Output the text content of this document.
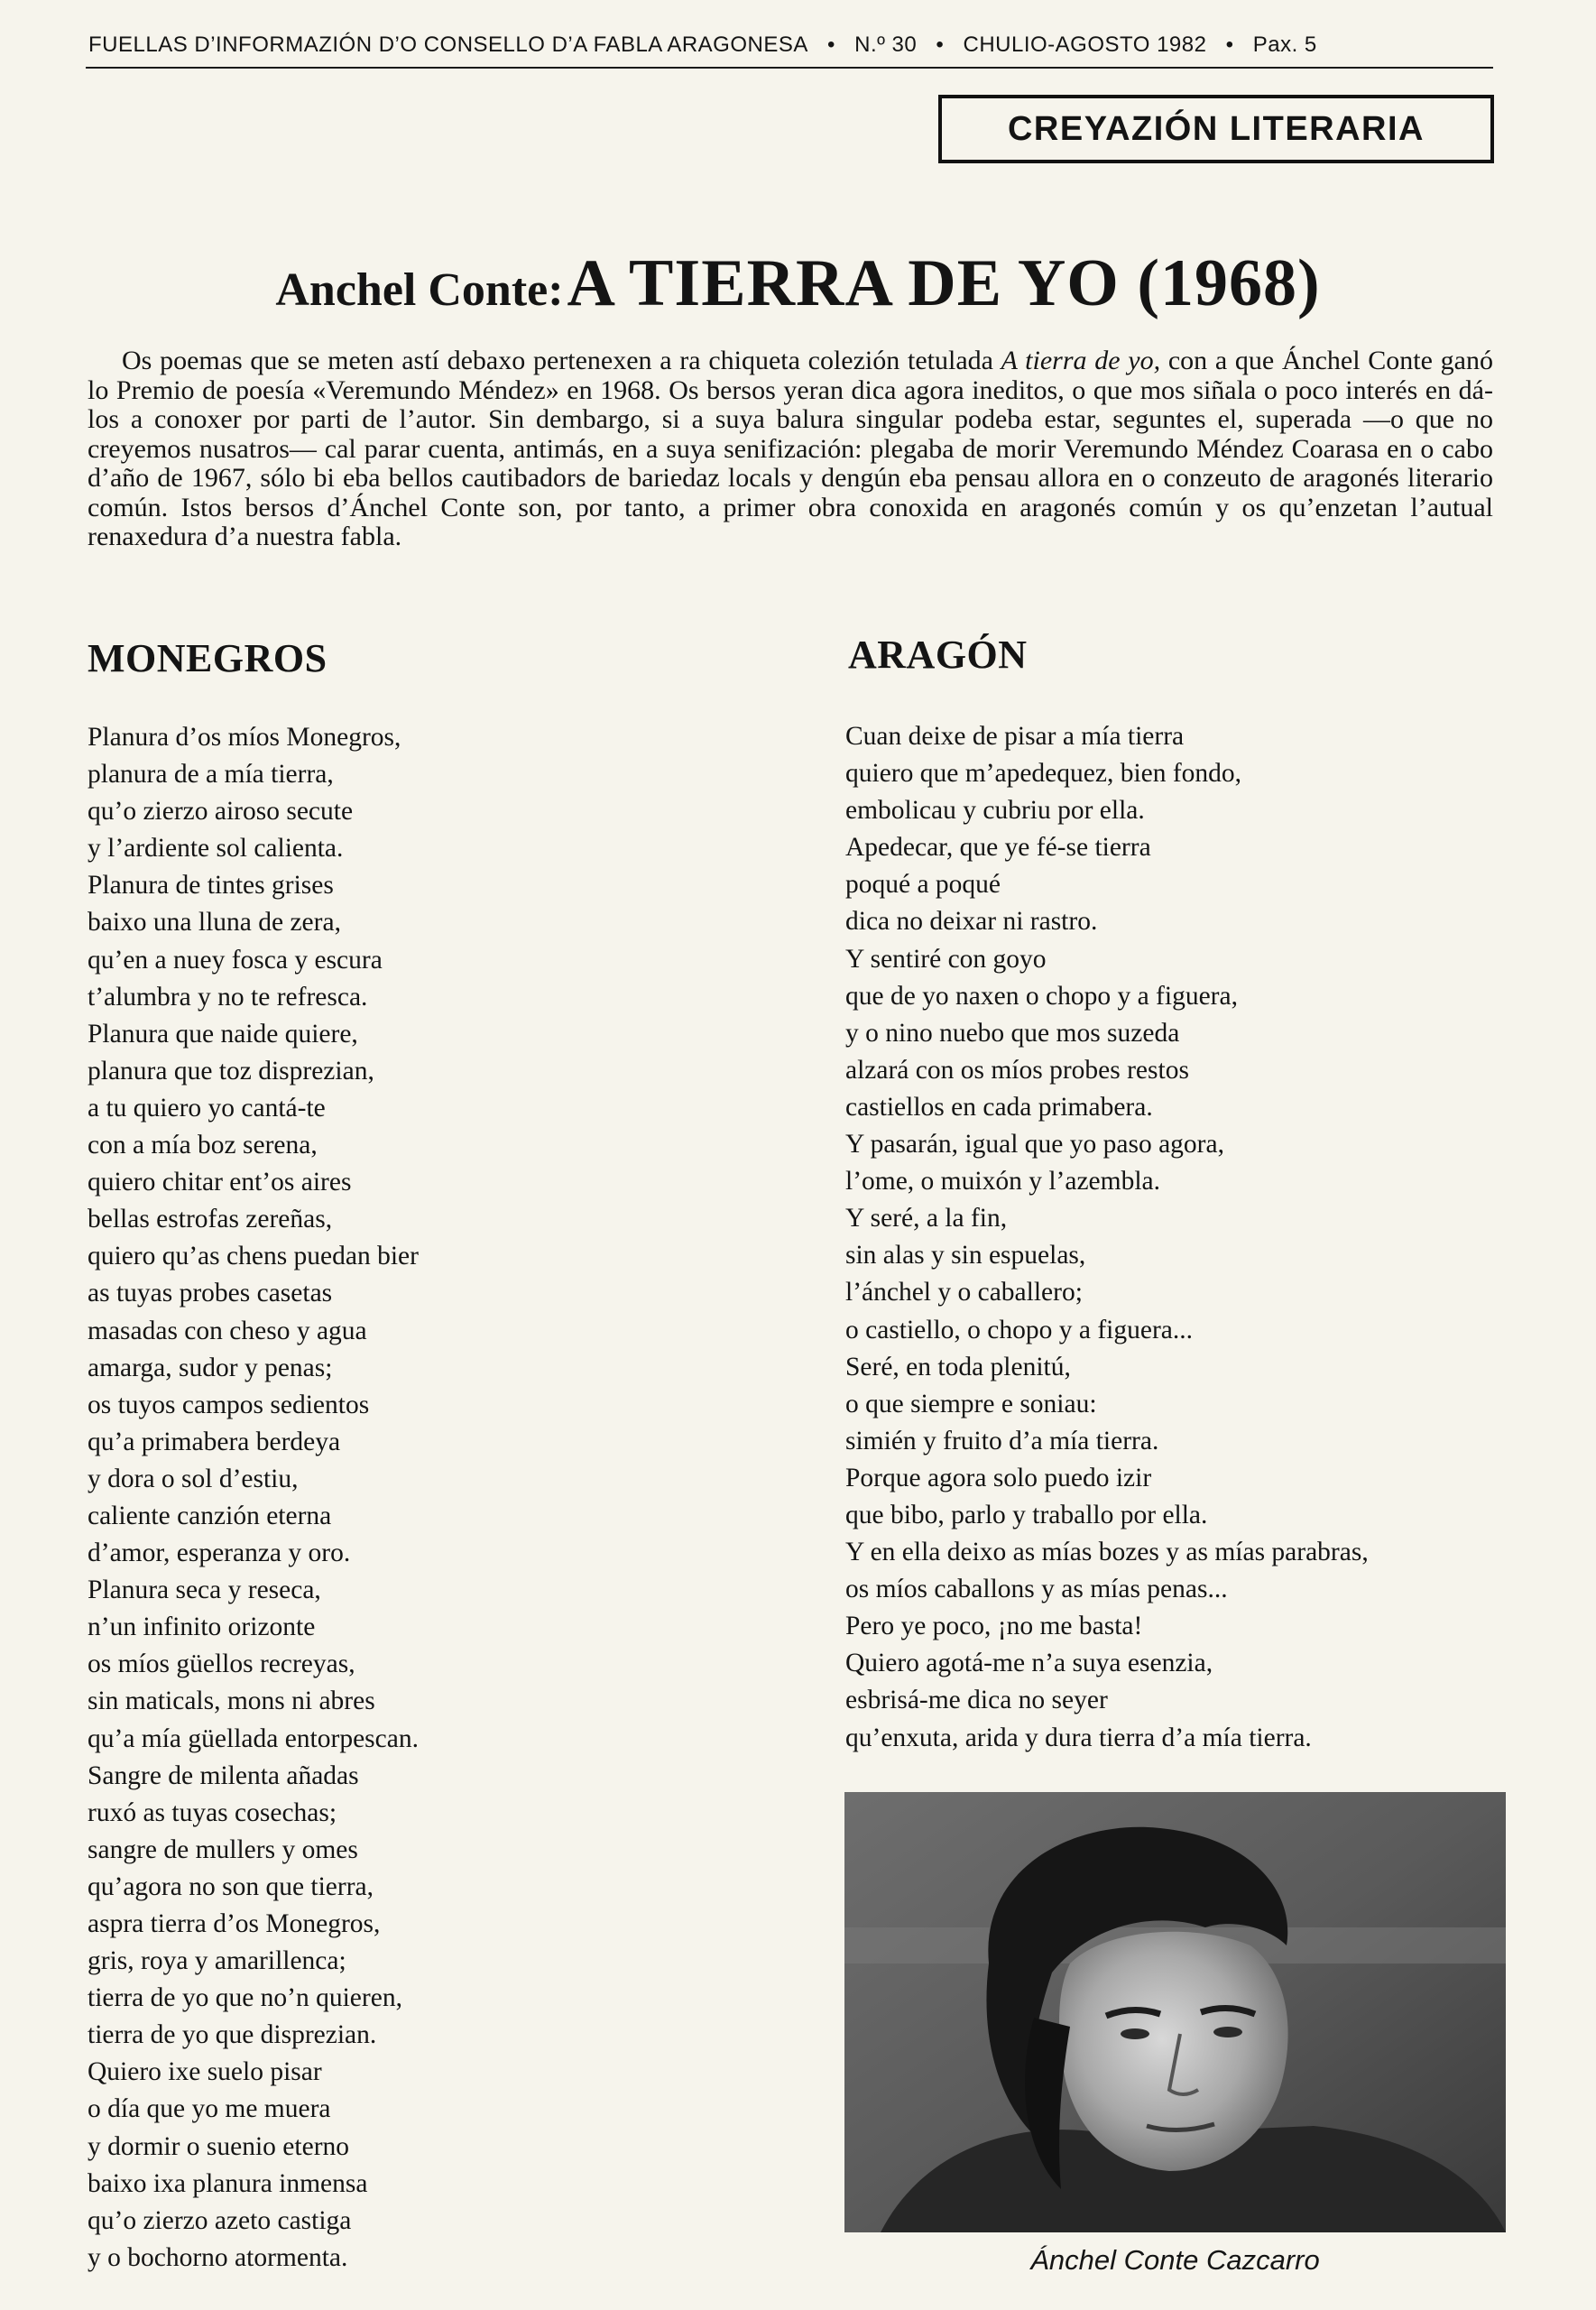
FUELLAS D’INFORMAZIÓN D’O CONSELLO D’A FABLA ARAGONESA • N.º 30 • CHULIO-AGOSTO 1982 • Pax. 5
CREYAZIÓN LITERARIA
Anchel Conte: A TIERRA DE YO (1968)

Os poemas que se meten astí debaxo pertenexen a ra chiqueta colezión tetulada A tierra de yo, con a que Ánchel Conte ganó lo Premio de poesía «Veremundo Méndez» en 1968. Os bersos yeran dica agora ineditos, o que mos siñala o poco interés en dá-los a conoxer por parti de l’autor. Sin dembargo, si a suya balura singular podeba estar, seguntes el, superada —o que no creyemos nusatros— cal parar cuenta, antimás, en a suya senifización: plegaba de morir Veremundo Méndez Coarasa en o cabo d’año de 1967, sólo bi eba bellos cautibadors de bariedaz locals y dengún eba pensau allora en o conzeuto de aragonés literario común. Istos bersos d’Ánchel Conte son, por tanto, a primer obra conoxida en aragonés común y os qu’enzetan l’autual renaxedura d’a nuestra fabla.

MONEGROS
Planura d’os míos Monegros,
planura de a mía tierra,
qu’o zierzo airoso secute
y l’ardiente sol calienta.
Planura de tintes grises
baixo una lluna de zera,
qu’en a nuey fosca y escura
t’alumbra y no te refresca.
Planura que naide quiere,
planura que toz disprezian,
a tu quiero yo cantá-te
con a mía boz serena,
quiero chitar ent’os aires
bellas estrofas zereñas,
quiero qu’as chens puedan bier
as tuyas probes casetas
masadas con cheso y agua
amarga, sudor y penas;
os tuyos campos sedientos
qu’a primabera berdeya
y dora o sol d’estiu,
caliente canzión eterna
d’amor, esperanza y oro.
Planura seca y reseca,
n’un infinito orizonte
os míos güellos recreyas,
sin maticals, mons ni abres
qu’a mía güellada entorpescan.
Sangre de milenta añadas
ruxó as tuyas cosechas;
sangre de mullers y omes
qu’agora no son que tierra,
aspra tierra d’os Monegros,
gris, roya y amarillenca;
tierra de yo que no’n quieren,
tierra de yo que disprezian.
Quiero ixe suelo pisar
o día que yo me muera
y dormir o suenio eterno
baixo ixa planura inmensa
qu’o zierzo azeto castiga
y o bochorno atormenta.
ARAGÓN
Cuan deixe de pisar a mía tierra
quiero que m’apedequez, bien fondo,
embolicau y cubriu por ella.
Apedecar, que ye fé-se tierra
poqué a poqué
dica no deixar ni rastro.
Y sentiré con goyo
que de yo naxen o chopo y a figuera,
y o nino nuebo que mos suzeda
alzará con os míos probes restos
castiellos en cada primabera.
Y pasarán, igual que yo paso agora,
l’ome, o muixón y l’azembla.
Y seré, a la fin,
sin alas y sin espuelas,
l’ánchel y o caballero;
o castiello, o chopo y a figuera...
Seré, en toda plenitú,
o que siempre e soniau:
simién y fruito d’a mía tierra.
Porque agora solo puedo izir
que bibo, parlo y traballo por ella.
Y en ella deixo as mías bozes y as mías parabras,
os míos caballons y as mías penas...
Pero ye poco, ¡no me basta!
Quiero agotá-me n’a suya esenzia,
esbrisá-me dica no seyer
qu’enxuta, arida y dura tierra d’a mía tierra.
Ánchel Conte Cazcarro
